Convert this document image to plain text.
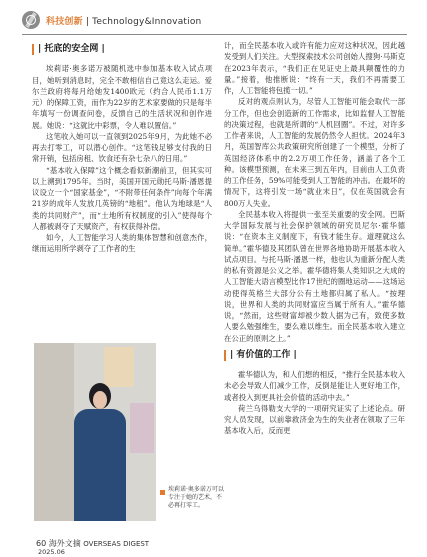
科技创新 | Technology&Innovation
| 托底的安全网 |

埃莉诺·奥多诺万被随机选中参加基本收入试点项目，她听到消息时，完全不敢相信自己竟这么走运。爱尔兰政府将每月给她发1400欧元（约合人民币1.1万元）的保障工资，而作为22岁的艺术家要做的只是每半年填写一份调查问卷，反馈自己的生活状况和创作进展。她说：“这就比中彩票，令人难以置信。”

这笔收入她可以一直领到2025年9月，为此她不必再去打零工，可以潜心创作。“这笔钱足够支付我的日常开销，包括房租、饮食还有杂七杂八的日用。”

“基本收入保障”这个概念看似新潮前卫，但其实可以上溯到1795年。当时，美国开国元勋托马斯·潘恩提议设立一个“国家基金”，“不附带任何条件”向每个年满21岁的成年人发放几英镑的“地租”。他认为地球是“人类的共同财产”，而“土地所有权制度的引入”使得每个人都被剥夺了天赋资产，有权获得补偿。

如今，人工智能学习人类的集体智慧和创意杰作，继而运用所学剥夺了工作者的生

埃莉诺·奥多诺万可以专注于她的艺术，不必再打零工。

计，而全民基本收入或许有能力应对这种状况，因此越发受到人们关注。大型探索技术公司创始人搜狗·马斯克在2023年表示，“我们正在见证史上最具颠覆性的力量。”接着，他推断说：“终有一天，我们不再需要工作，人工智能将包揽一切。”

反对的观点则认为，尽管人工智能可能会取代一部分工作，但也会创造新的工作需求，比如监督人工智能的决策过程，也就是所谓的“人机回圈”。不过，对许多工作者来说，人工智能的发展仍然令人担忧。2024年3月，英国智库公共政策研究所创建了一个模型，分析了英国经济体系中的2.2万项工作任务，涵盖了各个工种。该模型预测，在未来三到五年内，目前由人工负责的工作任务，59%可能受到人工智能的冲击。在最坏的情况下，这将引发一场“就业末日”，仅在英国就会有800万人失业。

全民基本收入将提供一张至关重要的安全网。巴斯大学国际发展与社会保护领域的研究员尼尔·霍华德说：“在资本主义制度下，有钱才能生存。道理就这么简单。”霍华德及其团队曾在世界各地协助开展基本收入试点项目。与托马斯·潘恩一样，他也认为重新分配人类的私有资源是公义之举。霍华德将集人类知识之大成的人工智能大语言模型比作17世纪的圈地运动——这场运动使得英格兰大部分公有土地都归属了私人。“按理说，世界和人类的共同财富应当属于所有人。”霍华德说，“然而，这些财富却被少数人据为己有，致使多数人要么勉强维生，要么难以维生。而全民基本收入建立在公正的原则之上。”

| 有价值的工作 |

霍华德认为，和人们想的相反，“推行全民基本收入未必会导致人们减少工作，反倒是能让人更好地工作，或者投入到更具社会价值的活动中去。”

荷兰乌得勒支大学的一项研究证实了上述论点。研究人员发现，以前靠救济金为生的失业者在领取了三年基本收入后，反而更

60 海外文摘 OVERSEAS DIGEST
2025.06
